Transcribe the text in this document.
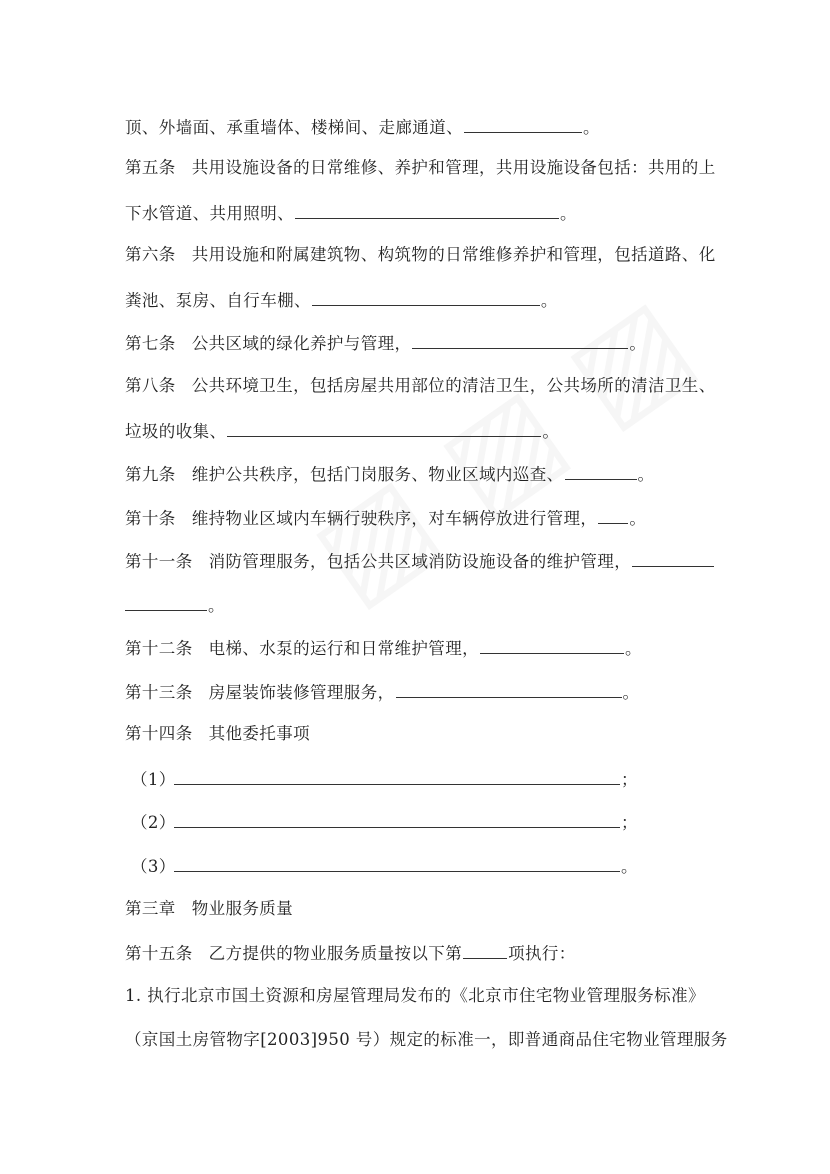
顶、外墙面、承重墙体、楼梯间、走廊通道、	。
第五条 共用设施设备的日常维修、养护和管理，共用设施设备包括：共用的上
下水管道、共用照明、	。
第六条 共用设施和附属建筑物、构筑物的日常维修养护和管理，包括道路、化
粪池、泵房、自行车棚、	。
第七条 公共区域的绿化养护与管理，	。
第八条 公共环境卫生，包括房屋共用部位的清洁卫生，公共场所的清洁卫生、
垃圾的收集、	。
第九条 维护公共秩序，包括门岗服务、物业区域内巡查、	。
第十条 维持物业区域内车辆行驶秩序，对车辆停放进行管理， 。
第十一条 消防管理服务，包括公共区域消防设施设备的维护管理，
。
第十二条 电梯、水泵的运行和日常维护管理，	。
第十三条 房屋装饰装修管理服务，	。
第十四条 其他委托事项
（1）	；
（2）	；
（3）	。
第三章 物业服务质量
第十五条 乙方提供的物业服务质量按以下第	项执行：
1. 执行北京市国土资源和房屋管理局发布的《北京市住宅物业管理服务标准》
（京国土房管物字[2003]950 号）规定的标准一，即普通商品住宅物业管理服务
